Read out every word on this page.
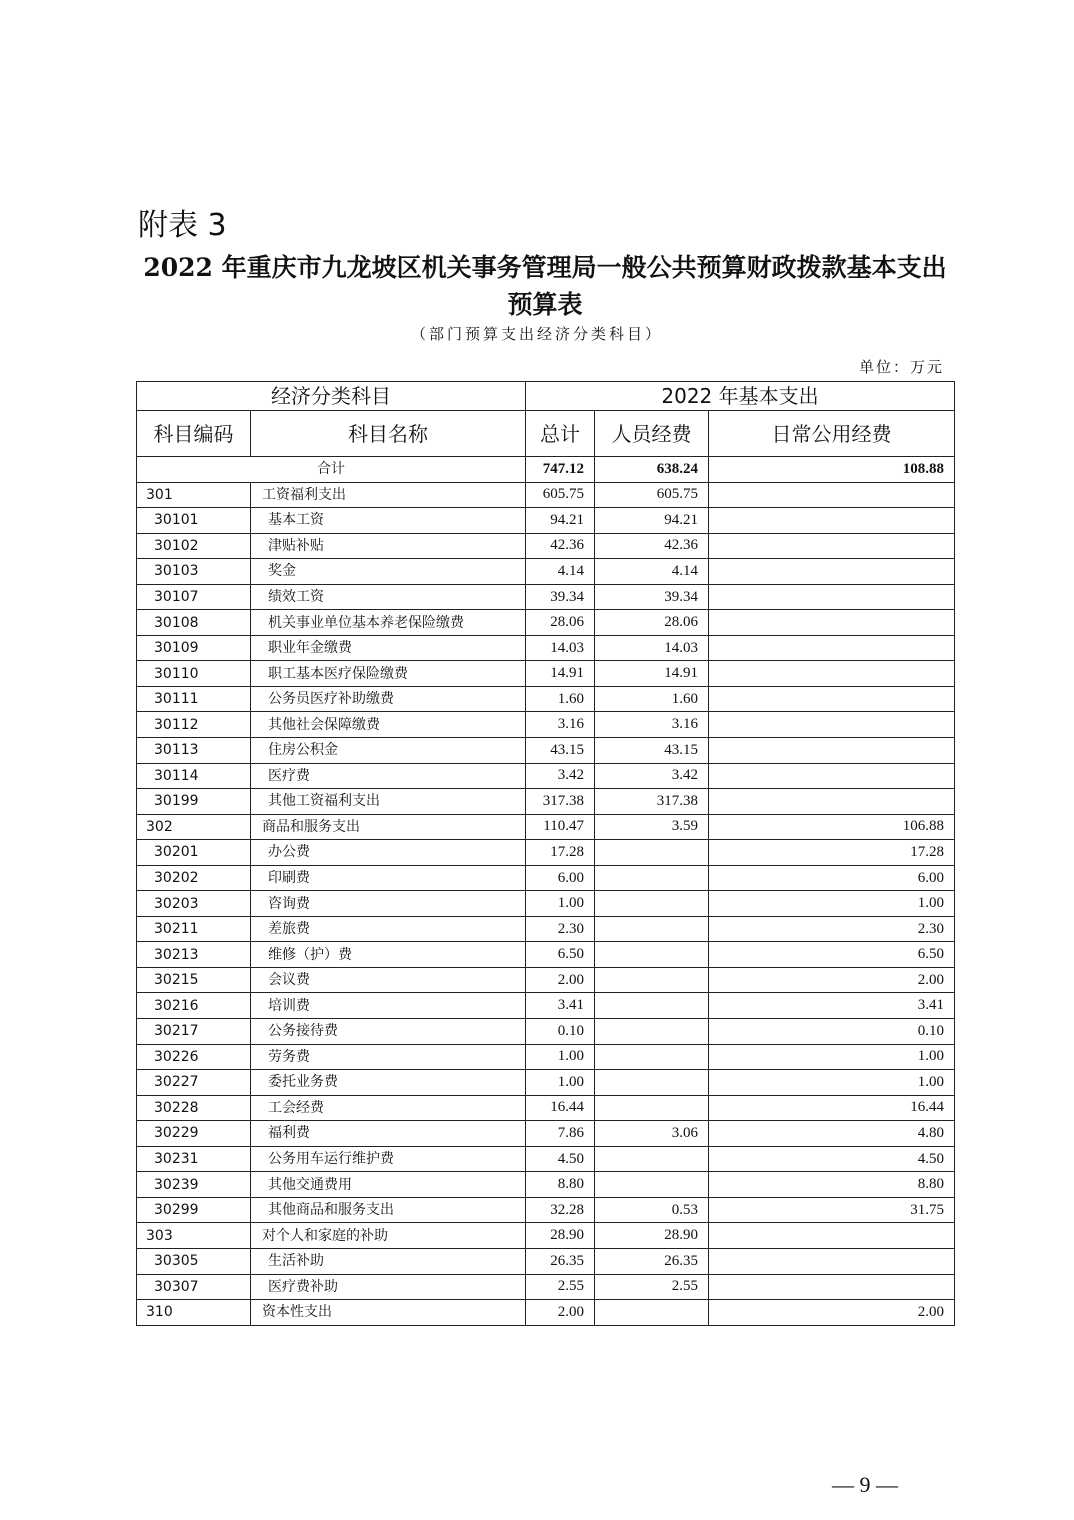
附表 3
2022 年重庆市九龙坡区机关事务管理局一般公共预算财政拨款基本支出
预算表
（部门预算支出经济分类科目）
单位：万元
经济分类科目		2022 年基本支出		
科目编码	科目名称	总计	人员经费	日常公用经费
合计		747.12	638.24	108.88
301	工资福利支出	605.75	605.75	
30101	基本工资	94.21	94.21	
30102	津贴补贴	42.36	42.36	
30103	奖金	4.14	4.14	
30107	绩效工资	39.34	39.34	
30108	机关事业单位基本养老保险缴费	28.06	28.06	
30109	职业年金缴费	14.03	14.03	
30110	职工基本医疗保险缴费	14.91	14.91	
30111	公务员医疗补助缴费	1.60	1.60	
30112	其他社会保障缴费	3.16	3.16	
30113	住房公积金	43.15	43.15	
30114	医疗费	3.42	3.42	
30199	其他工资福利支出	317.38	317.38	
302	商品和服务支出	110.47	3.59	106.88
30201	办公费	17.28		17.28
30202	印刷费	6.00		6.00
30203	咨询费	1.00		1.00
30211	差旅费	2.30		2.30
30213	维修（护）费	6.50		6.50
30215	会议费	2.00		2.00
30216	培训费	3.41		3.41
30217	公务接待费	0.10		0.10
30226	劳务费	1.00		1.00
30227	委托业务费	1.00		1.00
30228	工会经费	16.44		16.44
30229	福利费	7.86	3.06	4.80
30231	公务用车运行维护费	4.50		4.50
30239	其他交通费用	8.80		8.80
30299	其他商品和服务支出	32.28	0.53	31.75
303	对个人和家庭的补助	28.90	28.90	
30305	生活补助	26.35	26.35	
30307	医疗费补助	2.55	2.55	
310	资本性支出	2.00		2.00
— 9 —
